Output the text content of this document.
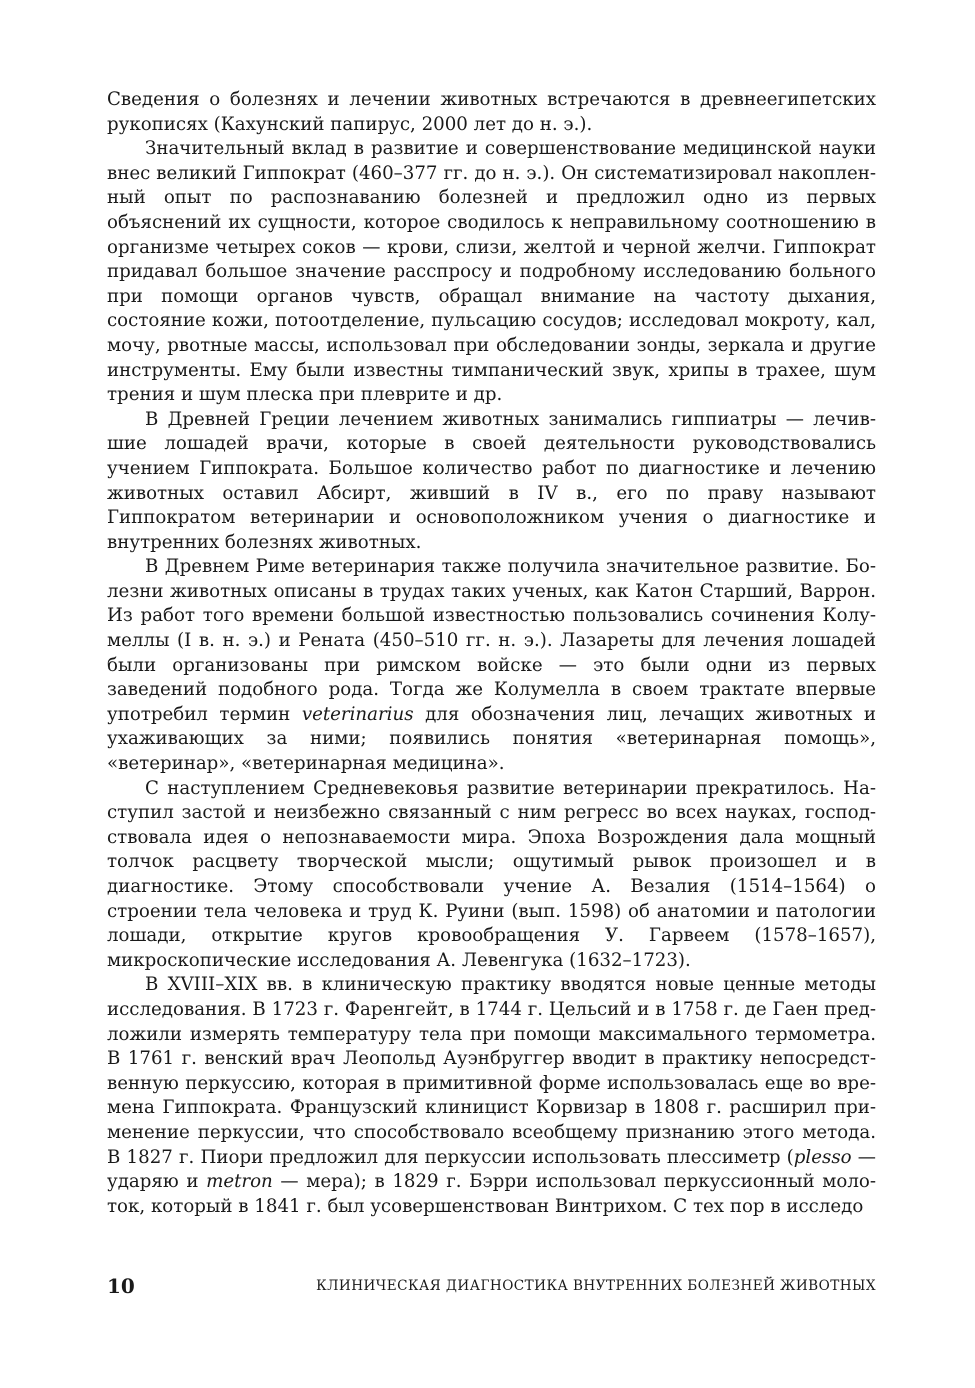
Сведения о болезнях и лечении животных встречаются в древнеегипетских рукописях (Кахунский папирус, 2000 лет до н. э.).

Значительный вклад в развитие и совершенствование медицинской науки внес великий Гиппократ (460–377 гг. до н. э.). Он систематизировал накопленный опыт по распознаванию болезней и предложил одно из первых объяснений их сущности, которое сводилось к неправильному соотношению в организме четырех соков — крови, слизи, желтой и черной желчи. Гиппократ придавал большое значение расспросу и подробному исследованию больного при помощи органов чувств, обращал внимание на частоту дыхания, состояние кожи, потоотделение, пульсацию сосудов; исследовал мокроту, кал, мочу, рвотные массы, использовал при обследовании зонды, зеркала и другие инструменты. Ему были известны тимпанический звук, хрипы в трахее, шум трения и шум плеска при плеврите и др.

В Древней Греции лечением животных занимались гиппиатры — лечившие лошадей врачи, которые в своей деятельности руководствовались учением Гиппократа. Большое количество работ по диагностике и лечению животных оставил Абсирт, живший в IV в., его по праву называют Гиппократом ветеринарии и основоположником учения о диагностике и внутренних болезнях животных.

В Древнем Риме ветеринария также получила значительное развитие. Болезни животных описаны в трудах таких ученых, как Катон Старший, Варрон. Из работ того времени большой известностью пользовались сочинения Колумеллы (I в. н. э.) и Рената (450–510 гг. н. э.). Лазареты для лечения лошадей были организованы при римском войске — это были одни из первых заведений подобного рода. Тогда же Колумелла в своем трактате впервые употребил термин veterinarius для обозначения лиц, лечащих животных и ухаживающих за ними; появились понятия «ветеринарная помощь», «ветеринар», «ветеринарная медицина».

С наступлением Средневековья развитие ветеринарии прекратилось. Наступил застой и неизбежно связанный с ним регресс во всех науках, господствовала идея о непознаваемости мира. Эпоха Возрождения дала мощный толчок расцвету творческой мысли; ощутимый рывок произошел и в диагностике. Этому способствовали учение А. Везалия (1514–1564) о строении тела человека и труд К. Руини (вып. 1598) об анатомии и патологии лошади, открытие кругов кровообращения У. Гарвеем (1578–1657), микроскопические исследования А. Левенгука (1632–1723).

В XVIII–XIX вв. в клиническую практику вводятся новые ценные методы исследования. В 1723 г. Фаренгейт, в 1744 г. Цельсий и в 1758 г. де Гаен предложили измерять температуру тела при помощи максимального термометра. В 1761 г. венский врач Леопольд Ауэнбруггер вводит в практику непосредственную перкуссию, которая в примитивной форме использовалась еще во времена Гиппократа. Французский клиницист Корвизар в 1808 г. расширил применение перкуссии, что способствовало всеобщему признанию этого метода. В 1827 г. Пиори предложил для перкуссии использовать плессиметр (plesso — ударяю и metron — мера); в 1829 г. Бэрри использовал перкуссионный молоток, который в 1841 г. был усовершенствован Винтрихом. С тех пор в исследо

10	КЛИНИЧЕСКАЯ ДИАГНОСТИКА ВНУТРЕННИХ БОЛЕЗНЕЙ ЖИВОТНЫХ
